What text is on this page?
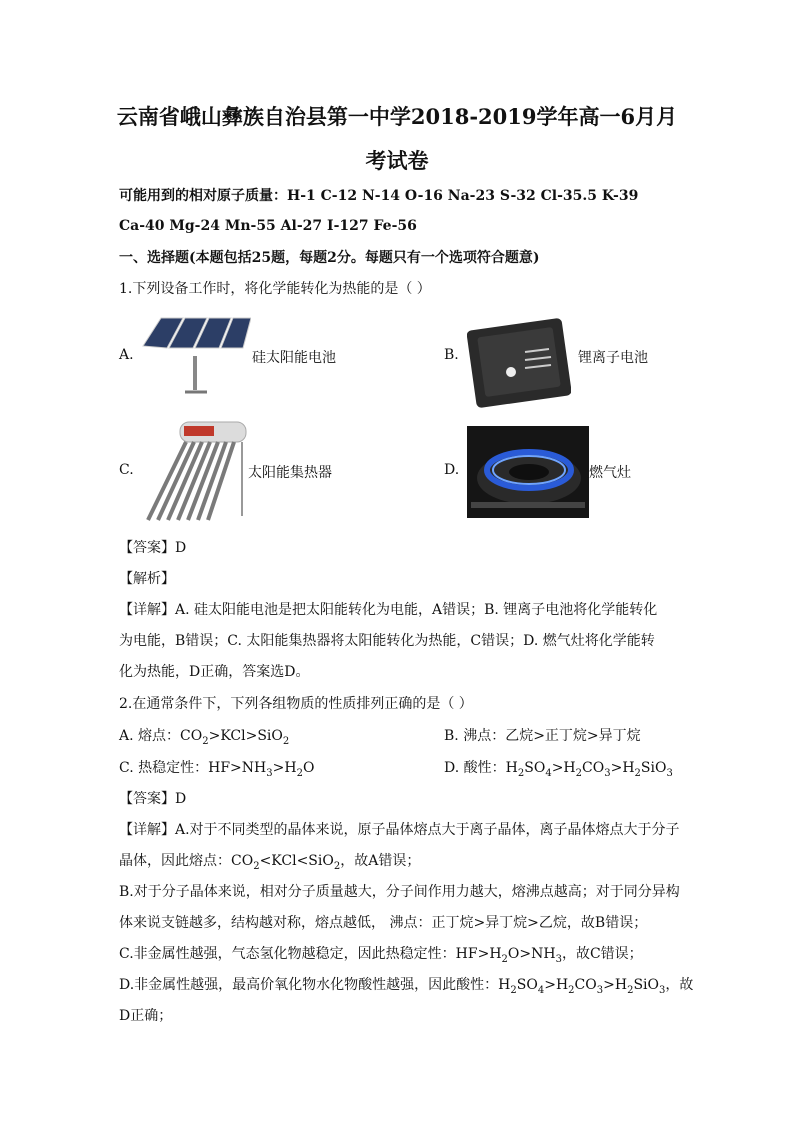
云南省峨山彝族自治县第一中学2018-2019学年高一6月月
考试卷
可能用到的相对原子质量：H-1 C-12 N-14 O-16 Na-23 S-32 Cl-35.5 K-39
Ca-40 Mg-24 Mn-55 Al-27 I-127 Fe-56
一、选择题(本题包括25题，每题2分。每题只有一个选项符合题意)
1.下列设备工作时，将化学能转化为热能的是（ ）
A.	硅太阳能电池	B.	锂离子电池
C.	太阳能集热器	D.	燃气灶
【答案】D
【解析】
【详解】A. 硅太阳能电池是把太阳能转化为电能，A错误；B. 锂离子电池将化学能转化
为电能，B错误；C. 太阳能集热器将太阳能转化为热能，C错误；D. 燃气灶将化学能转
化为热能，D正确，答案选D。
2.在通常条件下，下列各组物质的性质排列正确的是（ ）
A. 熔点：$CO_2>KCl>SiO_2$	B. 沸点：乙烷>正丁烷>异丁烷
C. 热稳定性：$HF>NH_3>H_2O$	D. 酸性：$H_2SO_4>H_2CO_3>H_2SiO_3$
【答案】D
【详解】A.对于不同类型的晶体来说，原子晶体熔点大于离子晶体，离子晶体熔点大于分子
晶体，因此熔点：$CO_2<KCl<SiO_2$，故A错误；
B.对于分子晶体来说，相对分子质量越大，分子间作用力越大，熔沸点越高；对于同分异构
体来说支链越多，结构越对称，熔点越低， 沸点：正丁烷>异丁烷>乙烷，故B错误；
C.非金属性越强，气态氢化物越稳定，因此热稳定性：$HF>H_2O>NH_3$，故C错误；
D.非金属性越强，最高价氧化物水化物酸性越强，因此酸性：$H_2SO_4>H_2CO_3>H_2SiO_3$，故
D正确；
